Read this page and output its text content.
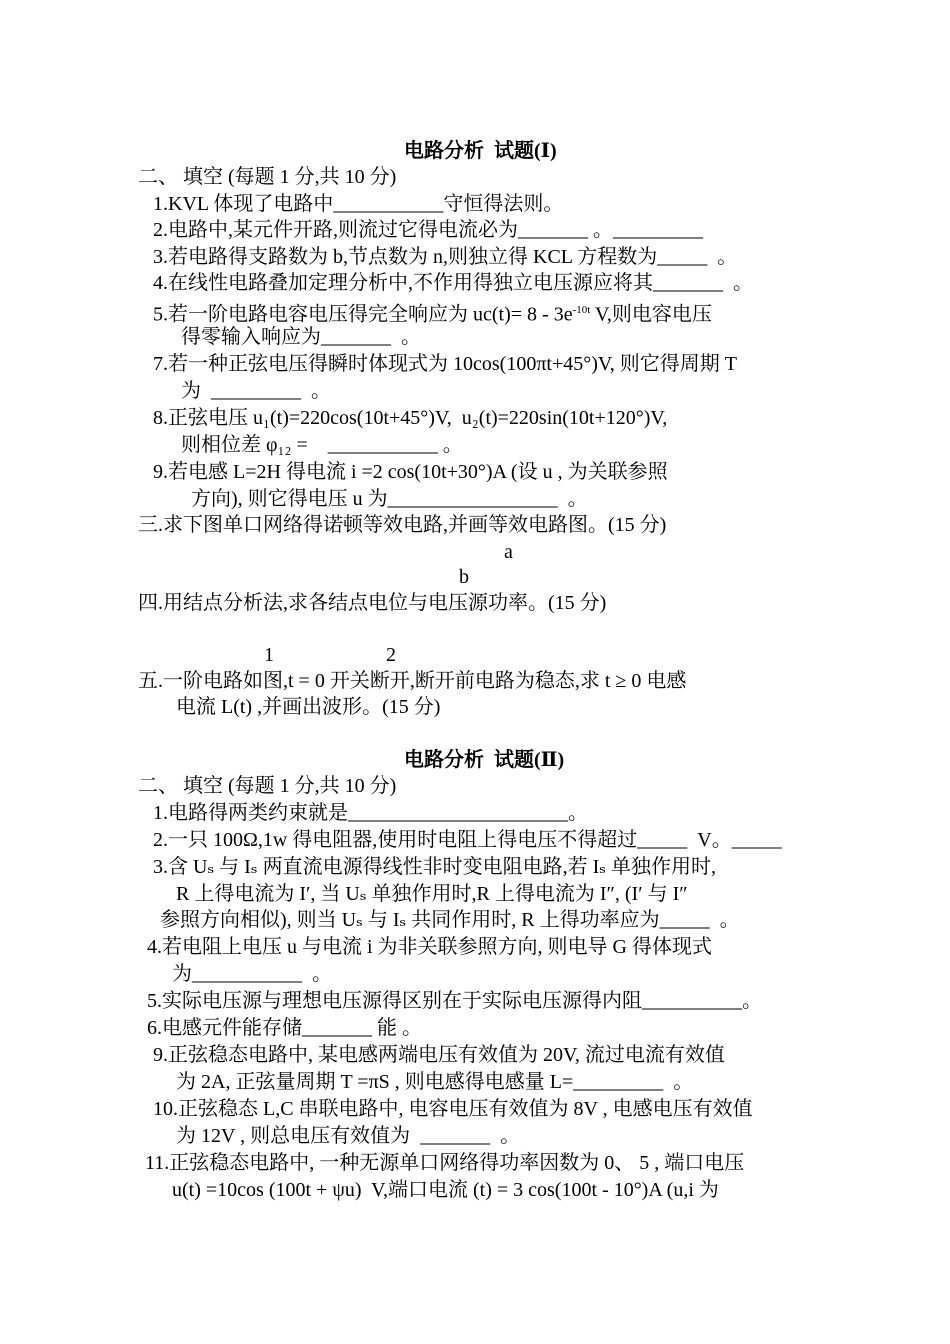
电路分析  试题(Ⅰ)
二、 填空 (每题 1 分,共 10 分)
1.KVL 体现了电路中___________守恒得法则。
2.电路中,某元件开路,则流过它得电流必为_______ 。_________
3.若电路得支路数为 b,节点数为 n,则独立得 KCL 方程数为_____  。
4.在线性电路叠加定理分析中,不作用得独立电压源应将其_______  。
5.若一阶电路电容电压得完全响应为 $uc(t)= 8 - 3e^{-10t}$ V,则电容电压
得零输入响应为_______  。
7.若一种正弦电压得瞬时体现式为 10cos(100πt+45°)V, 则它得周期 T
为  _________  。
8.正弦电压 u₁(t)=220cos(10t+45°)V,  u₂(t)=220sin(10t+120°)V,
则相位差 φ₁₂ =    ___________ 。
9.若电感 L=2H 得电流 i =2 cos(10t+30°)A (设 u , 为关联参照
方向), 则它得电压 u 为_________________  。
三.求下图单口网络得诺顿等效电路,并画等效电路图。(15 分)
a
b
四.用结点分析法,求各结点电位与电压源功率。(15 分)
1	2
五.一阶电路如图,t = 0 开关断开,断开前电路为稳态,求 t ≥ 0 电感
电流 L(t) ,并画出波形。(15 分)
电路分析  试题(Ⅱ)
二、 填空 (每题 1 分,共 10 分)
1.电路得两类约束就是______________________。
2.一只 100Ω,1w 得电阻器,使用时电阻上得电压不得超过_____  V。_____
3.含 Uₛ 与 Iₛ 两直流电源得线性非时变电阻电路,若 Iₛ 单独作用时,
R 上得电流为 I′, 当 Uₛ 单独作用时,R 上得电流为 I″, (I′ 与 I″
参照方向相似), 则当 Uₛ 与 Iₛ 共同作用时, R 上得功率应为_____  。
4.若电阻上电压 u 与电流 i 为非关联参照方向, 则电导 G 得体现式
为___________  。
5.实际电压源与理想电压源得区别在于实际电压源得内阻__________。
6.电感元件能存储_______ 能 。
9.正弦稳态电路中, 某电感两端电压有效值为 20V, 流过电流有效值
为 2A, 正弦量周期 T =πS , 则电感得电感量 L=_________  。
10.正弦稳态 L,C 串联电路中, 电容电压有效值为 8V , 电感电压有效值
为 12V , 则总电压有效值为  _______  。
11.正弦稳态电路中, 一种无源单口网络得功率因数为 0、 5 , 端口电压
u(t) =10cos (100t + ψu)  V,端口电流 (t) = 3 cos(100t - 10°)A (u,i 为
